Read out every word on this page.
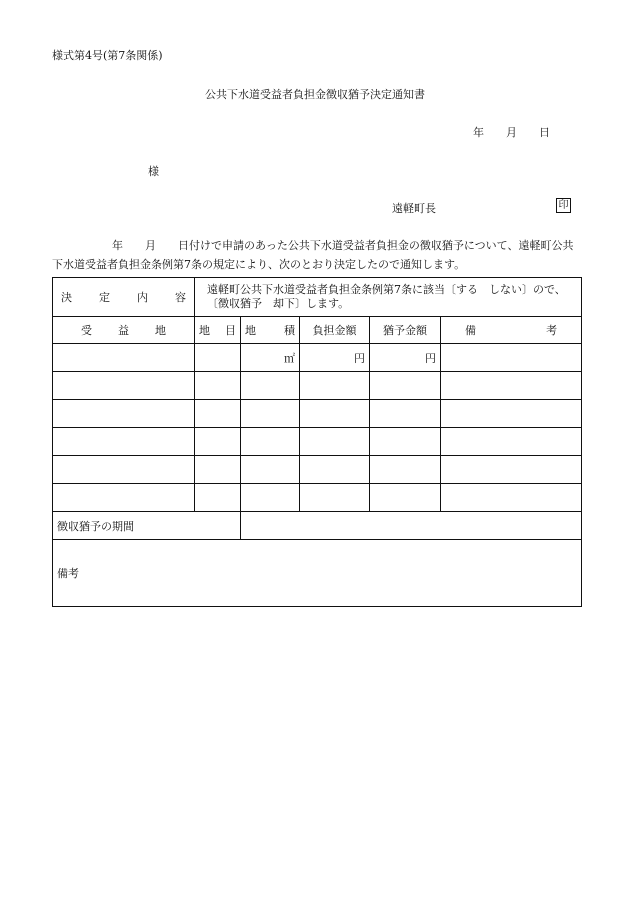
様式第4号(第7条関係)
公共下水道受益者負担金徴収猶予決定通知書
年 月 日
様
遠軽町長	印
年 月 日付けで申請のあった公共下水道受益者負担金の徴収猶予について、遠軽町公共下水道受益者負担金条例第7条の規定により、次のとおり決定したので通知します。
決 定 内 容	遠軽町公共下水道受益者負担金条例第7条に該当〔する　しない〕ので、〔徴収猶予　却下〕します。				

受 益 地	地 目	地 積	負担金額	猶予金額	備 考

		㎡	円	円	

徴収猶予の期間					
備考					
